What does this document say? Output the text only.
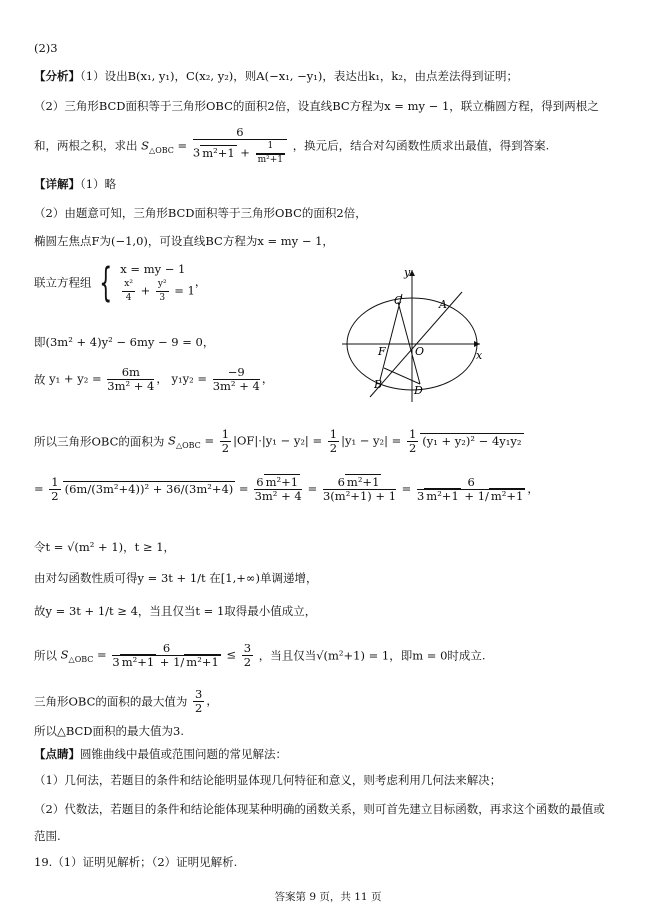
(2)3
【分析】（1）设出B(x₁, y₁)，C(x₂, y₂)，则A(−x₁, −y₁)，表达出k₁，k₂，由点差法得到证明；
（2）三角形BCD面积等于三角形OBC的面积2倍，设直线BC方程为x = my − 1，联立椭圆方程，得到两根之
和，两根之积，求出 $S_{\triangle OBC} = \frac{6}{3 m^2+1 + \frac{1}{\text{m²+1}}}$ ，换元后，结合对勾函数性质求出最值，得到答案.
【详解】（1）略
（2）由题意可知，三角形BCD面积等于三角形OBC的面积2倍，
椭圆左焦点F为(−1,0)，可设直线BC方程为x = my − 1，
联立方程组 { x = my − 1
$\frac{\text{x²}}{4} + \frac{\text{y²}}{3} = 1$
，
即(3m² + 4)y² − 6my − 9 = 0，
故 $y_1 + y_2 = \frac{6m}{\text{3m² + 4}}$ ， $y_1y_2 = \frac{-9}{\text{3m² + 4}}$ ，
y
x
C	A
F	O
B	D
所以三角形OBC的面积为 $S_{\triangle OBC} = \frac{1}{2} |OF|\cdot|y_1 - y_2| = \frac{1}{2} |y_1 - y_2| = \frac{1}{2} (y_1 + y_2)^2 - 4y_1y_2$
= $\frac{1}{2} (6m/(3m^2+4))^2 + 36/(3m^2+4) = \frac{\text{6 m²+1}}{\text{3m² + 4}} = \frac{\text{6 m²+1}}{\text{3(m²+1) + 1}} = \frac{6}{\text{3 m²+1 + 1/ m²+1}}$ ，
令t = √(m² + 1)，t ≥ 1，
由对勾函数性质可得y = 3t + 1/t 在[1,+∞)单调递增，
故y = 3t + 1/t ≥ 4，当且仅当t = 1取得最小值成立，
所以 $S_{\triangle OBC} = \frac{6}{\text{3 m²+1 + 1/ m²+1}} \le \frac{3}{2}$ ，当且仅当√(m²+1) = 1，即m = 0时成立.
三角形OBC的面积的最大值为 $\frac{3}{2}$ ，
所以△BCD面积的最大值为3.
【点睛】圆锥曲线中最值或范围问题的常见解法：
（1）几何法，若题目的条件和结论能明显体现几何特征和意义，则考虑利用几何法来解决；
（2）代数法，若题目的条件和结论能体现某种明确的函数关系，则可首先建立目标函数，再求这个函数的最值或
范围.
19.（1）证明见解析；（2）证明见解析.
答案第 9 页，共 11 页
